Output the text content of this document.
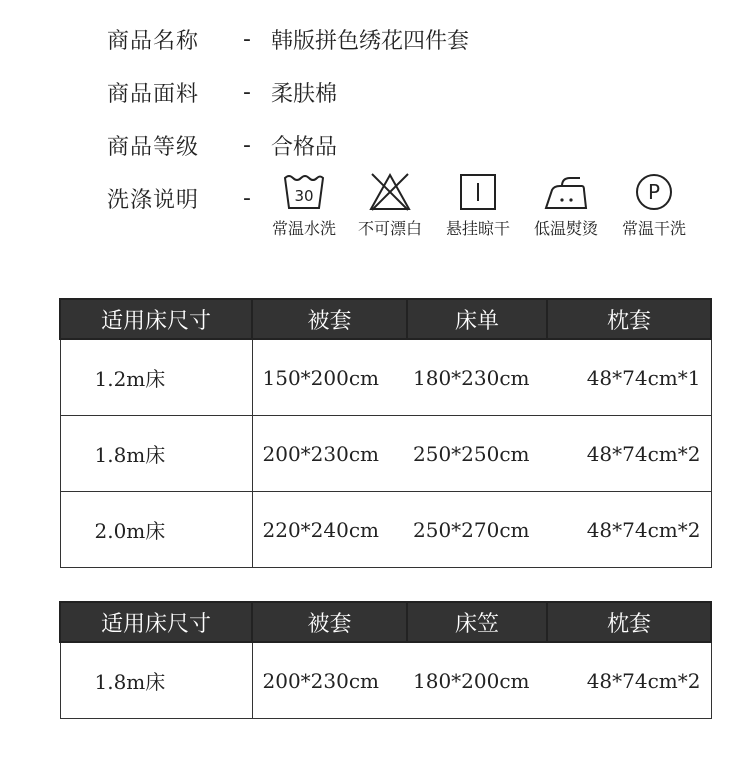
商品名称	- 韩版拼色绣花四件套
商品面料	- 柔肤棉
商品等级	- 合格品
洗涤说明	-	30
常温水洗	不可漂白	悬挂晾干	低温熨烫
P
常温干洗
适用床尺寸	被套	床单	枕套
1.2m床	150*200cm	180*230cm	48*74cm*1
1.8m床	200*230cm	250*250cm	48*74cm*2
2.0m床	220*240cm	250*270cm	48*74cm*2
适用床尺寸	被套	床笠	枕套
1.8m床	200*230cm	180*200cm	48*74cm*2
